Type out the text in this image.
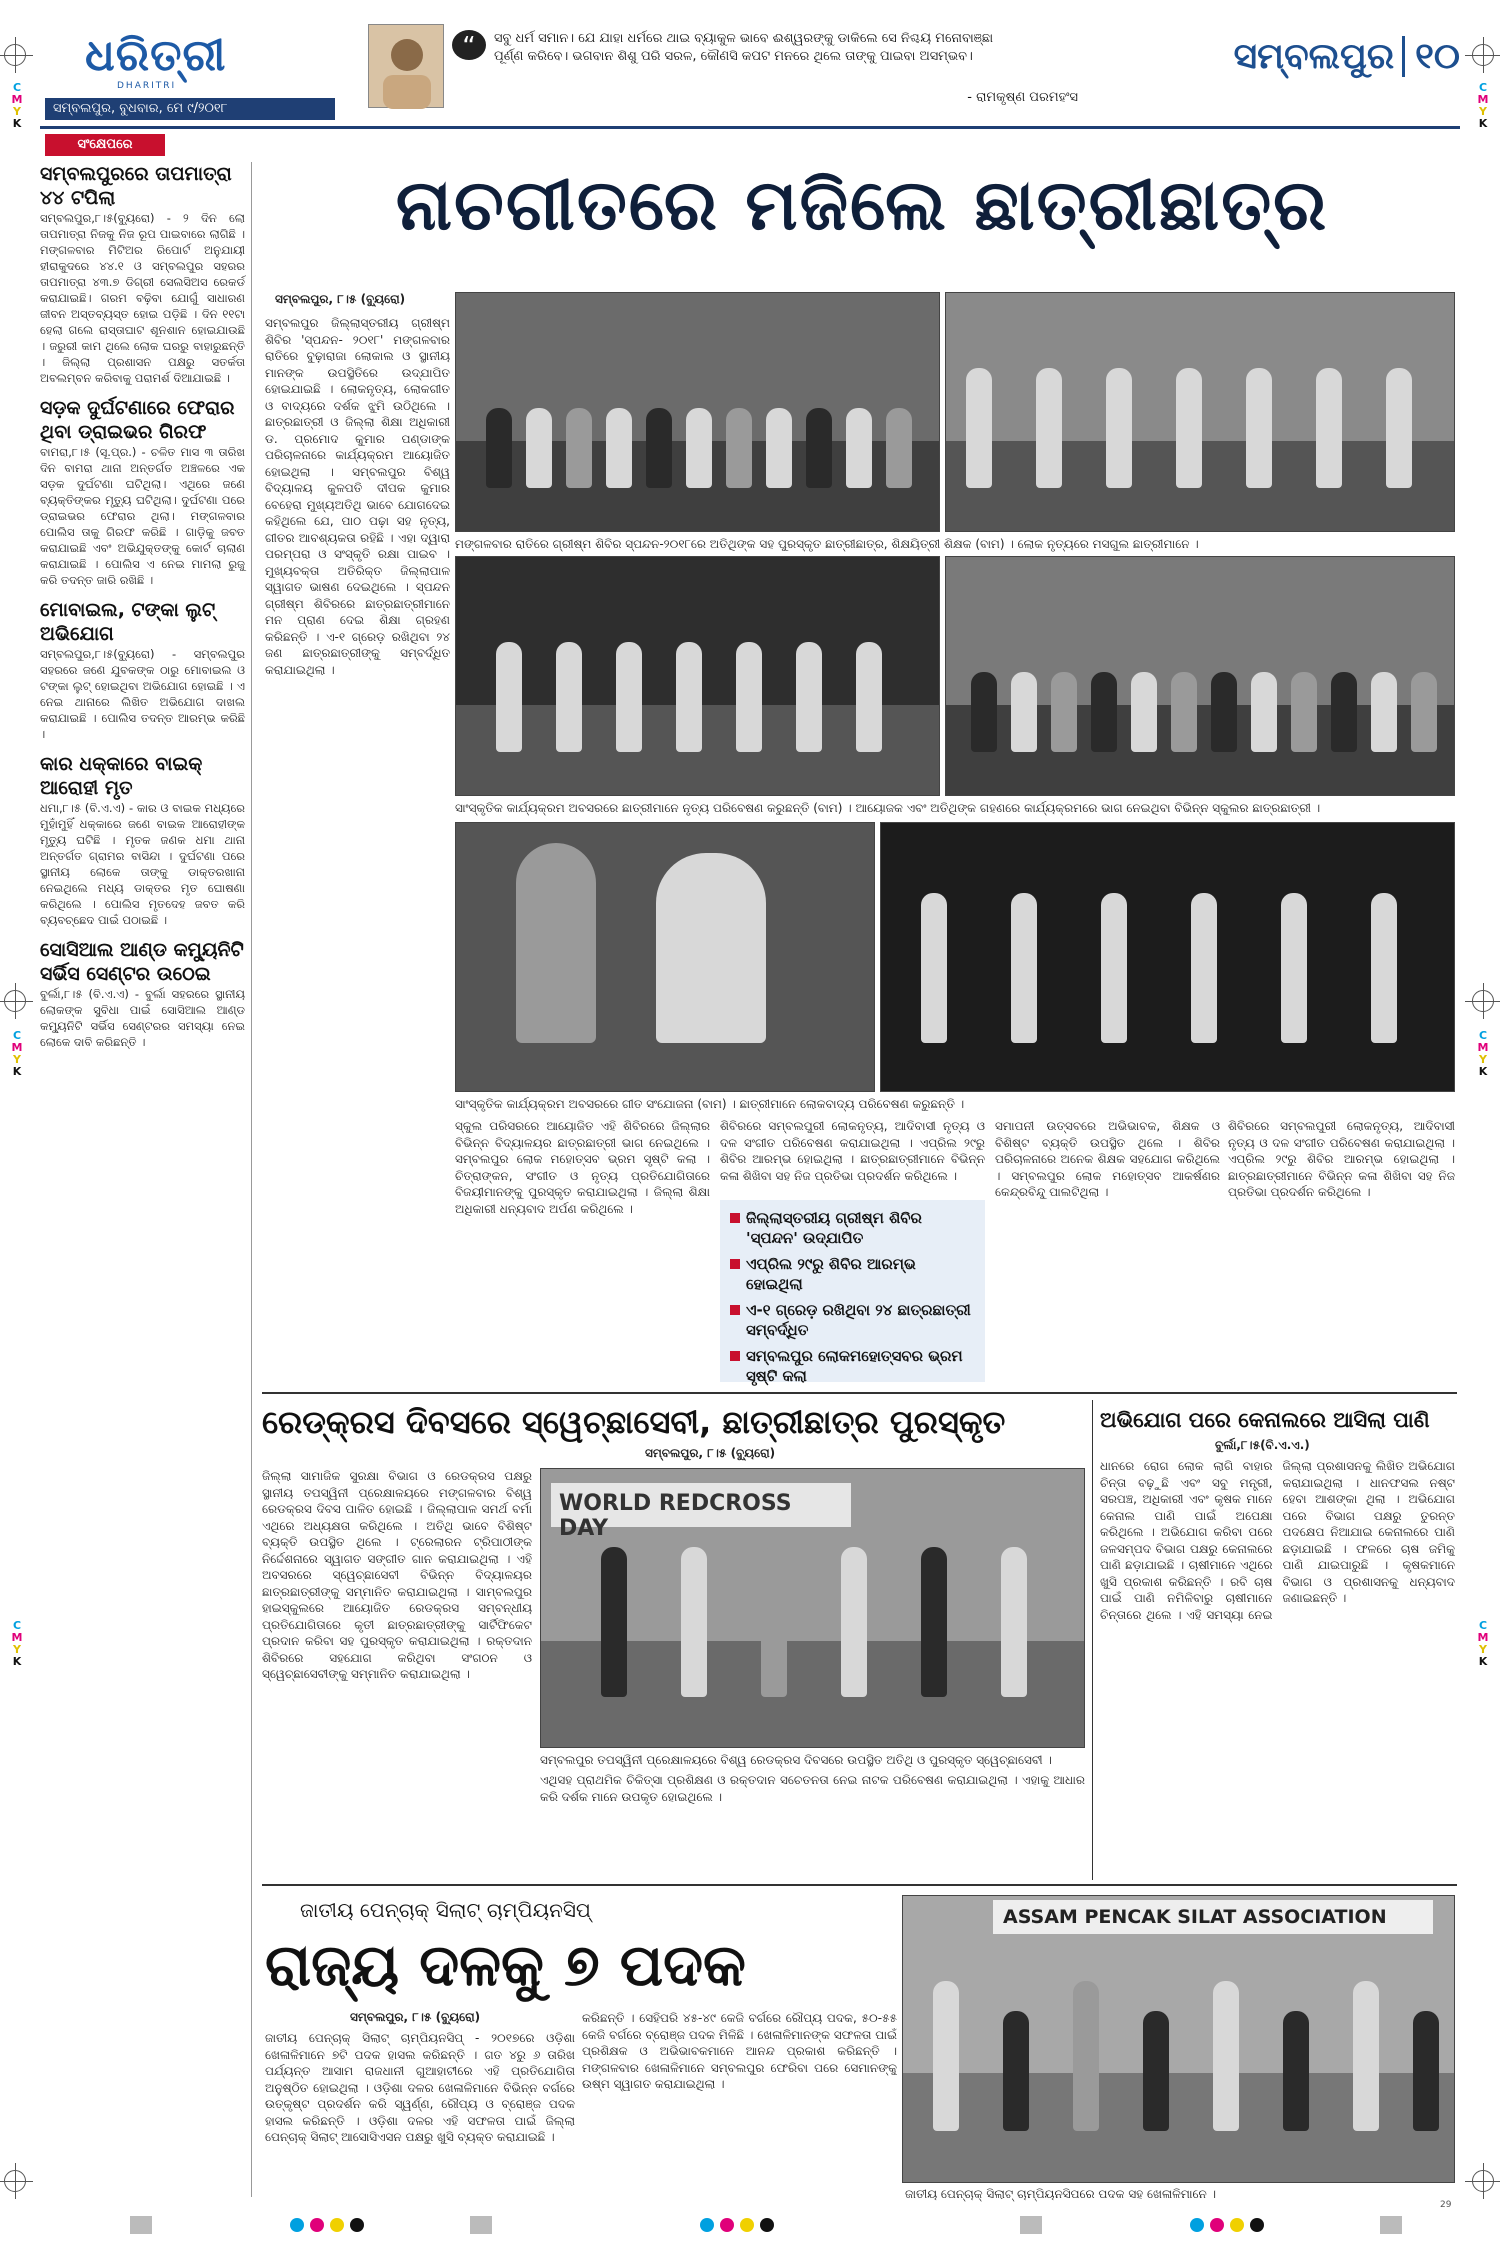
C
M
Y
K
C
M
Y
K
C
M
Y
K
C
M
Y
K
C
M
Y
K
C
M
Y
K
ଧରିତ୍ରୀ
DHARITRI
ସମ୍ବଲପୁର, ବୁଧବାର, ମେ ୯/୨୦୧୮
“	ସବୁ ଧର୍ମ ସମାନ। ଯେ ଯାହା ଧର୍ମରେ ଥାଇ ବ୍ୟାକୁଳ ଭାବେ ଈଶ୍ୱରଙ୍କୁ ଡାକିଲେ ସେ ନିଶ୍ଚୟ ମନୋବାଞ୍ଛା
ପୂର୍ଣ୍ଣ କରିବେ। ଭଗବାନ ଶିଶୁ ପରି ସରଳ, କୌଣସି କପଟ ମନରେ ଥିଲେ ତାଙ୍କୁ ପାଇବା ଅସମ୍ଭବ।
- ରାମକୃଷ୍ଣ ପରମହଂସ
ସମ୍ବଲପୁର ୧୦
ସଂକ୍ଷେପରେ
ସମ୍ବଲପୁରରେ ତାପମାତ୍ରା ୪୪ ଟପିଲା

ସମ୍ବଲପୁର,୮।୫(ବ୍ୟୁରୋ) - ୨ ଦିନ ଲୋ ତାପମାତ୍ରା ନିଜକୁ ନିଜ ରୂପ ପାଇବାରେ ଲାଗିଛି । ମଙ୍ଗଳବାର ମିଟିଅର ରିପୋର୍ଟ ଅନୁଯାୟୀ ହୀରାକୁଦରେ ୪୪.୧ ଓ ସମ୍ବଲପୁର ସହରର ତାପମାତ୍ରା ୪୩.୭ ଡିଗ୍ରୀ ସେଲସିଅସ ରେକର୍ଡ କରାଯାଇଛି। ଗରମ ବଢ଼ିବା ଯୋଗୁଁ ସାଧାରଣ ଜୀବନ ଅସ୍ତବ୍ୟସ୍ତ ହୋଇ ପଡ଼ିଛି । ଦିନ ୧୧ଟା ହେଲା ଗଲେ ରାସ୍ତାଘାଟ ଶୂନଶାନ ହୋଇଯାଉଛି । ଜରୁରୀ କାମ ଥିଲେ ଲୋକ ଘରରୁ ବାହାରୁଛନ୍ତି । ଜିଲ୍ଲା ପ୍ରଶାସନ ପକ୍ଷରୁ ସତର୍କତା ଅବଲମ୍ବନ କରିବାକୁ ପରାମର୍ଶ ଦିଆଯାଇଛି ।

ସଡ଼କ ଦୁର୍ଘଟଣାରେ ଫେରାର ଥିବା ଡ୍ରାଇଭର ଗିରଫ

ବାମରା,୮।୫ (ସୂ.ପ୍ର.) - ଚଳିତ ମାସ ୩ ତାରିଖ ଦିନ ବାମରା ଥାନା ଅନ୍ତର୍ଗତ ଅଞ୍ଚଳରେ ଏକ ସଡ଼କ ଦୁର୍ଘଟଣା ଘଟିଥିଲା। ଏଥିରେ ଜଣେ ବ୍ୟକ୍ତିଙ୍କର ମୃତ୍ୟୁ ଘଟିଥିଲା। ଦୁର୍ଘଟଣା ପରେ ଡ୍ରାଇଭର ଫେରାର ଥିଲା। ମଙ୍ଗଳବାର ପୋଲିସ ତାକୁ ଗିରଫ କରିଛି । ଗାଡ଼ିକୁ ଜବତ କରାଯାଇଛି ଏବଂ ଅଭିଯୁକ୍ତଙ୍କୁ କୋର୍ଟ ଚାଲାଣ କରାଯାଇଛି । ପୋଲିସ ଏ ନେଇ ମାମଲା ରୁଜୁ କରି ତଦନ୍ତ ଜାରି ରଖିଛି ।

ମୋବାଇଲ, ଟଙ୍କା ଲୁଟ୍ ଅଭିଯୋଗ

ସମ୍ବଲପୁର,୮।୫(ବ୍ୟୁରୋ) - ସମ୍ବଲପୁର ସହରରେ ଜଣେ ଯୁବକଙ୍କ ଠାରୁ ମୋବାଇଲ ଓ ଟଙ୍କା ଲୁଟ୍ ହୋଇଥିବା ଅଭିଯୋଗ ହୋଇଛି । ଏ ନେଇ ଥାନାରେ ଲିଖିତ ଅଭିଯୋଗ ଦାଖଲ କରାଯାଇଛି । ପୋଲିସ ତଦନ୍ତ ଆରମ୍ଭ କରିଛି ।

କାର ଧକ୍କାରେ ବାଇକ୍ ଆରୋହୀ ମୃତ

ଧମା,୮।୫ (ବି.ଏ.ଏ) - କାର ଓ ବାଇକ ମଧ୍ୟରେ ମୁହାଁମୁହିଁ ଧକ୍କାରେ ଜଣେ ବାଇକ ଆରୋହୀଙ୍କ ମୃତ୍ୟୁ ଘଟିଛି । ମୃତକ ଜଣକ ଧମା ଥାନା ଅନ୍ତର୍ଗତ ଗ୍ରାମର ବାସିନ୍ଦା । ଦୁର୍ଘଟଣା ପରେ ସ୍ଥାନୀୟ ଲୋକେ ତାଙ୍କୁ ଡାକ୍ତରଖାନା ନେଇଥିଲେ ମଧ୍ୟ ଡାକ୍ତର ମୃତ ଘୋଷଣା କରିଥିଲେ । ପୋଲିସ ମୃତଦେହ ଜବତ କରି ବ୍ୟବଚ୍ଛେଦ ପାଇଁ ପଠାଇଛି ।

ସୋସିଆଲ ଆଣ୍ଡ କମ୍ୟୁନିଟି ସର୍ଭିସ ସେଣ୍ଟର ଉଠେଇ

ବୁର୍ଲା,୮।୫ (ବି.ଏ.ଏ) - ବୁର୍ଲା ସହରରେ ସ୍ଥାନୀୟ ଲୋକଙ୍କ ସୁବିଧା ପାଇଁ ସୋସିଆଲ ଆଣ୍ଡ କମ୍ୟୁନିଟି ସର୍ଭିସ ସେଣ୍ଟରର ସମସ୍ୟା ନେଇ ଲୋକେ ଦାବି କରିଛନ୍ତି ।

ନାଚଗୀତରେ ମଜିଲେ ଛାତ୍ରୀଛାତ୍ର
ସମ୍ବଲପୁର, ୮।୫ (ବ୍ୟୁରୋ)
ସମ୍ବଲପୁର ଜିଲ୍ଲାସ୍ତରୀୟ ଗ୍ରୀଷ୍ମ ଶିବିର 'ସ୍ପନ୍ଦନ- ୨୦୧୮' ମଙ୍ଗଳବାର ରାତିରେ ବୁଢ଼ାରାଜା ଲୋକାଲ ଓ ସ୍ଥାନୀୟ ମାନଙ୍କ ଉପସ୍ଥିତିରେ ଉଦ୍ଯାପିତ ହୋଇଯାଇଛି । ଲୋକନୃତ୍ୟ, ଲୋକଗୀତ ଓ ବାଦ୍ୟରେ ଦର୍ଶକ ଝୁମି ଉଠିଥିଲେ । ଛାତ୍ରଛାତ୍ରୀ ଓ ଜିଲ୍ଲା ଶିକ୍ଷା ଅଧିକାରୀ ଡ. ପ୍ରମୋଦ କୁମାର ପଣ୍ଡାଙ୍କ ପରିଚାଳନାରେ କାର୍ଯ୍ୟକ୍ରମ ଆୟୋଜିତ ହୋଇଥିଲା । ସମ୍ବଲପୁର ବିଶ୍ୱ ବିଦ୍ୟାଳୟ କୁଳପତି ଦୀପକ କୁମାର ବେହେରା ମୁଖ୍ୟଅତିଥି ଭାବେ ଯୋଗଦେଇ କହିଥିଲେ ଯେ, ପାଠ ପଢ଼ା ସହ ନୃତ୍ୟ, ଗୀତର ଆବଶ୍ୟକତା ରହିଛି । ଏହା ଦ୍ୱାରା ପରମ୍ପରା ଓ ସଂସ୍କୃତି ରକ୍ଷା ପାଇବ । ମୁଖ୍ୟବକ୍ତା ଅତିରିକ୍ତ ଜିଲ୍ଲାପାଳ ସ୍ୱାଗତ ଭାଷଣ ଦେଇଥିଲେ । ସ୍ପନ୍ଦନ ଗ୍ରୀଷ୍ମ ଶିବିରରେ ଛାତ୍ରଛାତ୍ରୀମାନେ ମନ ପ୍ରାଣ ଦେଇ ଶିକ୍ଷା ଗ୍ରହଣ କରିଛନ୍ତି । ଏ-୧ ଗ୍ରେଡ଼ ରଖିଥିବା ୨୪ ଜଣ ଛାତ୍ରଛାତ୍ରୀଙ୍କୁ ସମ୍ବର୍ଦ୍ଧିତ କରାଯାଇଥିଲା ।
ମଙ୍ଗଳବାର ରାତିରେ ଗ୍ରୀଷ୍ମ ଶିବିର ସ୍ପନ୍ଦନ-୨୦୧୮ରେ ଅତିଥିଙ୍କ ସହ ପୁରସ୍କୃତ ଛାତ୍ରୀଛାତ୍ର, ଶିକ୍ଷୟିତ୍ରୀ ଶିକ୍ଷକ (ବାମ) । ଲୋକ ନୃତ୍ୟରେ ମସଗୁଲ ଛାତ୍ରୀମାନେ ।
ସାଂସ୍କୃତିକ କାର୍ଯ୍ୟକ୍ରମ ଅବସରରେ ଛାତ୍ରୀମାନେ ନୃତ୍ୟ ପରିବେଷଣ କରୁଛନ୍ତି (ବାମ) । ଆୟୋଜକ ଏବଂ ଅତିଥିଙ୍କ ଗହଣରେ କାର୍ଯ୍ୟକ୍ରମରେ ଭାଗ ନେଇଥିବା ବିଭିନ୍ନ ସ୍କୁଲର ଛାତ୍ରଛାତ୍ରୀ ।
ସାଂସ୍କୃତିକ କାର୍ଯ୍ୟକ୍ରମ ଅବସରରେ ଗୀତ ସଂଯୋଜନା (ବାମ) । ଛାତ୍ରୀମାନେ ଲୋକବାଦ୍ୟ ପରିବେଷଣ କରୁଛନ୍ତି ।
ସ୍କୁଲ ପରିସରରେ ଆୟୋଜିତ ଏହି ଶିବିରରେ ଜିଲ୍ଲାର ବିଭିନ୍ନ ବିଦ୍ୟାଳୟର ଛାତ୍ରଛାତ୍ରୀ ଭାଗ ନେଇଥିଲେ । ସମ୍ବଲପୁର ଲୋକ ମହୋତ୍ସବ ଭ୍ରମ ସୃଷ୍ଟି କଲା । ଚିତ୍ରାଙ୍କନ, ସଂଗୀତ ଓ ନୃତ୍ୟ ପ୍ରତିଯୋଗିତାରେ ବିଜୟୀମାନଙ୍କୁ ପୁରସ୍କୃତ କରାଯାଇଥିଲା । ଜିଲ୍ଲା ଶିକ୍ଷା ଅଧିକାରୀ ଧନ୍ୟବାଦ ଅର୍ପଣ କରିଥିଲେ ।
ଜିଲ୍ଲାସ୍ତରୀୟ ଗ୍ରୀଷ୍ମ ଶିବିର 'ସ୍ପନ୍ଦନ' ଉଦ୍ଯାପିତ
ଏପ୍ରିଲ ୨୯ରୁ ଶିବିର ଆରମ୍ଭ ହୋଇଥିଲା
ଏ-୧ ଗ୍ରେଡ଼ ରଖିଥିବା ୨୪ ଛାତ୍ରଛାତ୍ରୀ ସମ୍ବର୍ଦ୍ଧିତ
ସମ୍ବଲପୁର ଲୋକମହୋତ୍ସବର ଭ୍ରମ ସୃଷ୍ଟି କଲା
ଶିବିରରେ ସମ୍ବଲପୁରୀ ଲୋକନୃତ୍ୟ, ଆଦିବାସୀ ନୃତ୍ୟ ଓ ଦଳ ସଂଗୀତ ପରିବେଷଣ କରାଯାଇଥିଲା । ଏପ୍ରିଲ ୨୯ରୁ ଶିବିର ଆରମ୍ଭ ହୋଇଥିଲା । ଛାତ୍ରଛାତ୍ରୀମାନେ ବିଭିନ୍ନ କଳା ଶିଖିବା ସହ ନିଜ ପ୍ରତିଭା ପ୍ରଦର୍ଶନ କରିଥିଲେ ।
ସମାପନୀ ଉତ୍ସବରେ ଅଭିଭାବକ, ଶିକ୍ଷକ ଓ ବିଶିଷ୍ଟ ବ୍ୟକ୍ତି ଉପସ୍ଥିତ ଥିଲେ । ଶିବିର ପରିଚାଳନାରେ ଅନେକ ଶିକ୍ଷକ ସହଯୋଗ କରିଥିଲେ । ସମ୍ବଲପୁର ଲୋକ ମହୋତ୍ସବ ଆକର୍ଷଣର କେନ୍ଦ୍ରବିନ୍ଦୁ ପାଲଟିଥିଲା ।
ଶିବିରରେ ସମ୍ବଲପୁରୀ ଲୋକନୃତ୍ୟ, ଆଦିବାସୀ ନୃତ୍ୟ ଓ ଦଳ ସଂଗୀତ ପରିବେଷଣ କରାଯାଇଥିଲା । ଏପ୍ରିଲ ୨୯ରୁ ଶିବିର ଆରମ୍ଭ ହୋଇଥିଲା । ଛାତ୍ରଛାତ୍ରୀମାନେ ବିଭିନ୍ନ କଳା ଶିଖିବା ସହ ନିଜ ପ୍ରତିଭା ପ୍ରଦର୍ଶନ କରିଥିଲେ ।
ରେଡ୍‌କ୍ରସ ଦିବସରେ ସ୍ୱେଚ୍ଛାସେବୀ, ଛାତ୍ରୀଛାତ୍ର ପୁରସ୍କୃତ
ସମ୍ବଲପୁର, ୮।୫ (ବ୍ୟୁରୋ)
ଜିଲ୍ଲା ସାମାଜିକ ସୁରକ୍ଷା ବିଭାଗ ଓ ରେଡକ୍ରସ ପକ୍ଷରୁ ସ୍ଥାନୀୟ ତପସ୍ୱିନୀ ପ୍ରେକ୍ଷାଳୟରେ ମଙ୍ଗଳବାର ବିଶ୍ୱ ରେଡକ୍ରସ ଦିବସ ପାଳିତ ହୋଇଛି । ଜିଲ୍ଲାପାଳ ସମର୍ଥ ବର୍ମା ଏଥିରେ ଅଧ୍ୟକ୍ଷତା କରିଥିଲେ । ଅତିଥି ଭାବେ ବିଶିଷ୍ଟ ବ୍ୟକ୍ତି ଉପସ୍ଥିତ ଥିଲେ । ଟ୍ରେଲାରନ ଟ୍ରିପାଠୀଙ୍କ ନିର୍ଦ୍ଦେଶନାରେ ସ୍ୱାଗତ ସଙ୍ଗୀତ ଗାନ କରାଯାଇଥିଲା । ଏହି ଅବସରରେ ସ୍ୱେଚ୍ଛାସେବୀ ବିଭିନ୍ନ ବିଦ୍ୟାଳୟର ଛାତ୍ରଛାତ୍ରୀଙ୍କୁ ସମ୍ମାନିତ କରାଯାଇଥିଲା । ସାମ୍ବଲପୁର ହାଇସ୍କୁଲରେ ଆୟୋଜିତ ରେଡକ୍ରସ ସମ୍ବନ୍ଧୀୟ ପ୍ରତିଯୋଗିତାରେ କୃତୀ ଛାତ୍ରଛାତ୍ରୀଙ୍କୁ ସାର୍ଟିଫିକେଟ ପ୍ରଦାନ କରିବା ସହ ପୁରସ୍କୃତ କରାଯାଇଥିଲା । ରକ୍ତଦାନ ଶିବିରରେ ସହଯୋଗ କରିଥିବା ସଂଗଠନ ଓ ସ୍ୱେଚ୍ଛାସେବୀଙ୍କୁ ସମ୍ମାନିତ କରାଯାଇଥିଲା ।
WORLD REDCROSS DAY
ସମ୍ବଲପୁର ତପସ୍ୱିନୀ ପ୍ରେକ୍ଷାଳୟରେ ବିଶ୍ୱ ରେଡକ୍ରସ ଦିବସରେ ଉପସ୍ଥିତ ଅତିଥି ଓ ପୁରସ୍କୃତ ସ୍ୱେଚ୍ଛାସେବୀ ।
ଏଥିସହ ପ୍ରାଥମିକ ଚିକିତ୍ସା ପ୍ରଶିକ୍ଷଣ ଓ ରକ୍ତଦାନ ସଚେତନତା ନେଇ ନାଟକ ପରିବେଷଣ କରାଯାଇଥିଲା । ଏହାକୁ ଆଧାର କରି ଦର୍ଶକ ମାନେ ଉପକୃତ ହୋଇଥିଲେ ।
ଅଭିଯୋଗ ପରେ କେନାଲରେ ଆସିଲା ପାଣି
ବୁର୍ଲା,୮।୫(ବି.ଏ.ଏ.)
ଧାନରେ ରୋଗ ଲୋକ ଲାଗି ବାହାର ଚିନ୍ତା ବଢ଼ୁଛି ଏବଂ ସବୁ ମନ୍ତ୍ରୀ, ସରପଞ୍ଚ, ଅଧିକାରୀ ଏବଂ କୃଷକ ମାନେ କେନାଲ ପାଣି ପାଇଁ ଅପେକ୍ଷା କରିଥିଲେ । ଅଭିଯୋଗ କରିବା ପରେ ଜଳସମ୍ପଦ ବିଭାଗ ପକ୍ଷରୁ କେନାଲରେ ପାଣି ଛଡ଼ାଯାଇଛି । ଚାଷୀମାନେ ଏଥିରେ ଖୁସି ପ୍ରକାଶ କରିଛନ୍ତି । ରବି ଚାଷ ପାଇଁ ପାଣି ନମିଳିବାରୁ ଚାଷୀମାନେ ଚିନ୍ତାରେ ଥିଲେ । ଏହି ସମସ୍ୟା ନେଇ ଜିଲ୍ଲା ପ୍ରଶାସନକୁ ଲିଖିତ ଅଭିଯୋଗ କରାଯାଇଥିଲା । ଧାନଫସଲ ନଷ୍ଟ ହେବା ଆଶଙ୍କା ଥିଲା । ଅଭିଯୋଗ ପରେ ବିଭାଗ ପକ୍ଷରୁ ତୁରନ୍ତ ପଦକ୍ଷେପ ନିଆଯାଇ କେନାଲରେ ପାଣି ଛଡ଼ାଯାଇଛି । ଫଳରେ ଚାଷ ଜମିକୁ ପାଣି ଯାଇପାରୁଛି । କୃଷକମାନେ ବିଭାଗ ଓ ପ୍ରଶାସନକୁ ଧନ୍ୟବାଦ ଜଣାଇଛନ୍ତି ।
ଜାତୀୟ ପେନ୍‌ଚାକ୍ ସିଲାଟ୍ ଚାମ୍ପିୟନସିପ୍
ରାଜ୍ୟ ଦଳକୁ ୭ ପଦକ
ସମ୍ବଲପୁର, ୮।୫ (ବ୍ୟୁରୋ)
ଜାତୀୟ ପେନ୍‌ଚାକ୍ ସିଲାଟ୍ ଚାମ୍ପିୟନସିପ୍ - ୨୦୧୭ରେ ଓଡ଼ିଶା ଖେଳାଳିମାନେ ୭ଟି ପଦକ ହାସଲ କରିଛନ୍ତି । ଗତ ୪ରୁ ୬ ତାରିଖ ପର୍ଯ୍ୟନ୍ତ ଆସାମ ରାଜଧାନୀ ଗୁଆହାଟୀରେ ଏହି ପ୍ରତିଯୋଗିତା ଅନୁଷ୍ଠିତ ହୋଇଥିଲା । ଓଡ଼ିଶା ଦଳର ଖେଳାଳିମାନେ ବିଭିନ୍ନ ବର୍ଗରେ ଉତ୍କୃଷ୍ଟ ପ୍ରଦର୍ଶନ କରି ସ୍ୱର୍ଣ୍ଣ, ରୌପ୍ୟ ଓ ବ୍ରୋଞ୍ଜ ପଦକ ହାସଲ କରିଛନ୍ତି । ଓଡ଼ିଶା ଦଳର ଏହି ସଫଳତା ପାଇଁ ଜିଲ୍ଲା ପେନ୍‌ଚାକ୍ ସିଲାଟ୍ ଆସୋସିଏସନ ପକ୍ଷରୁ ଖୁସି ବ୍ୟକ୍ତ କରାଯାଇଛି ।
କରିଛନ୍ତି । ସେହିପରି ୪୫-୪୯ କେଜି ବର୍ଗରେ ରୌପ୍ୟ ପଦକ, ୫୦-୫୫ କେଜି ବର୍ଗରେ ବ୍ରୋଞ୍ଜ ପଦକ ମିଳିଛି । ଖେଳାଳିମାନଙ୍କ ସଫଳତା ପାଇଁ ପ୍ରଶିକ୍ଷକ ଓ ଅଭିଭାବକମାନେ ଆନନ୍ଦ ପ୍ରକାଶ କରିଛନ୍ତି । ମଙ୍ଗଳବାର ଖେଳାଳିମାନେ ସମ୍ବଲପୁର ଫେରିବା ପରେ ସେମାନଙ୍କୁ ଉଷ୍ମ ସ୍ୱାଗତ କରାଯାଇଥିଲା ।
ASSAM PENCAK SILAT ASSOCIATION
ଜାତୀୟ ପେନ୍‌ଚାକ୍ ସିଲାଟ୍ ଚାମ୍ପିୟନସିପରେ ପଦକ ସହ ଖେଳାଳିମାନେ ।
29
